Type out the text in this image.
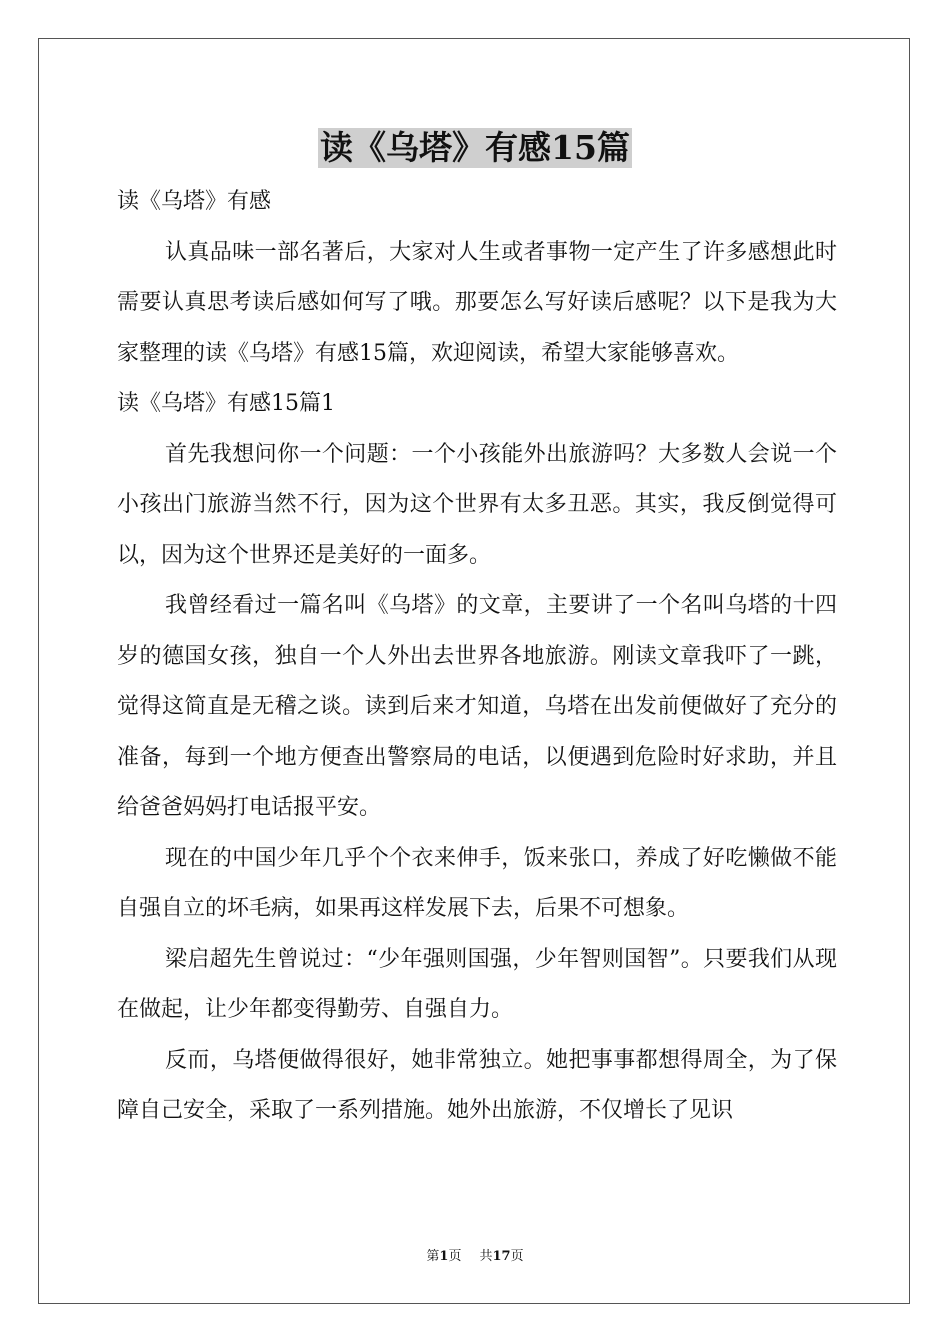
读《乌塔》有感15篇

读《乌塔》有感

认真品味一部名著后，大家对人生或者事物一定产生了许多感想此时需要认真思考读后感如何写了哦。那要怎么写好读后感呢？以下是我为大家整理的读《乌塔》有感15篇，欢迎阅读，希望大家能够喜欢。

读《乌塔》有感15篇1

首先我想问你一个问题：一个小孩能外出旅游吗？大多数人会说一个小孩出门旅游当然不行，因为这个世界有太多丑恶。其实，我反倒觉得可以，因为这个世界还是美好的一面多。

我曾经看过一篇名叫《乌塔》的文章，主要讲了一个名叫乌塔的十四岁的德国女孩，独自一个人外出去世界各地旅游。刚读文章我吓了一跳，觉得这简直是无稽之谈。读到后来才知道，乌塔在出发前便做好了充分的准备，每到一个地方便查出警察局的电话，以便遇到危险时好求助，并且给爸爸妈妈打电话报平安。

现在的中国少年几乎个个衣来伸手，饭来张口，养成了好吃懒做不能自强自立的坏毛病，如果再这样发展下去，后果不可想象。

梁启超先生曾说过：“少年强则国强，少年智则国智”。只要我们从现在做起，让少年都变得勤劳、自强自力。

反而，乌塔便做得很好，她非常独立。她把事事都想得周全，为了保障自己安全，采取了一系列措施。她外出旅游，不仅增长了见识

第1页 共17页
